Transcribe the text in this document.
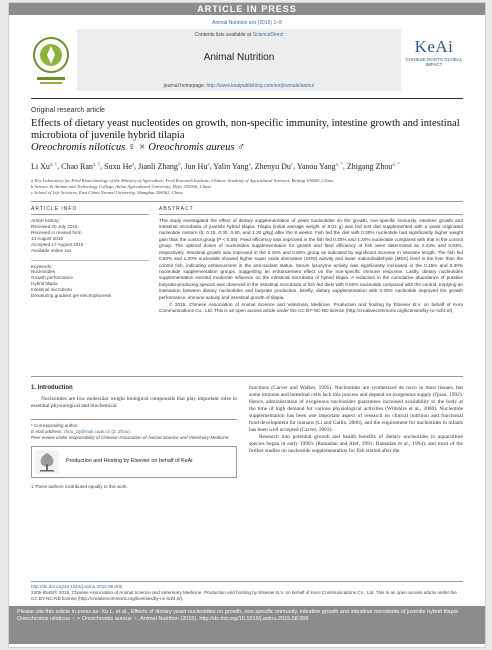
ARTICLE IN PRESS
Animal Nutrition xxx (2015) 1–8
Contents lists available at ScienceDirect
Animal Nutrition
journal homepage: http://www.keaipublishing.com/en/journals/aninu/
KeAi
CHINESE ROOTS GLOBAL IMPACT
Original research article
Effects of dietary yeast nucleotides on growth, non-specific immunity, intestine growth and intestinal microbiota of juvenile hybrid tilapia
Oreochromis niloticus ♀ × Oreochromis aureus ♂
Li Xu$^{a, 1}$, Chao Ran$^{a, 1}$, Suxu He$^a$, Jianli Zhang$^b$, Jun Hu$^a$, Yalin Yang$^a$, Zhenyu Du$^c$, Yanou Yang$^{a, *}$, Zhigang Zhou$^{a, *}$
a Key Laboratory for Feed Biotechnology of the Ministry of Agriculture, Feed Research Institute, Chinese Academy of Agricultural Sciences, Beijing 100081, China
b Science & Animal and Technology College, Anhui Agricultural University, Hefei 230036, China
c School of Life Sciences, East China Normal University, Shanghai 200062, China
ARTICLE INFO
Article history:
Received 20 July 2015
Received in revised form
14 August 2015
Accepted 17 August 2015
Available online xxx
Keywords:
Nucleotides
Growth performance
Hybrid tilapia
Intestinal microbiota
Denaturing gradient gel electrophoresis
ABSTRACT
This study investigated the effect of dietary supplementation of yeast nucleotides on the growth, non-specific immunity, intestine growth and intestinal microbiota of juvenile hybrid tilapia. Tilapia (initial average weight of 8.02 g) was fed test diet supplemented with a yeast originated nucleotide mixture (0, 0.15, 0.30, 0.60, and 1.20 g/kg) after the 8 weeks. Fish fed the diet with 0.30% nucleotide had significantly higher weight gain than the control group (P < 0.05). Feed efficiency was improved in the fish fed 0.30% and 1.20% nucleotide compared with that in the control group. The optimal doses of nucleotides supplementation for growth and feed efficiency of fish were determined as 0.43% and 0.83%, respectively. Intestinal growth was improved in the 0.15% and 0.60% group as indicated by significant increase in intestine length. The fish fed 0.60% and 1.20% nucleotide showed higher super oxide dismutase (SOD) activity and lower malondialdehyde (MDA) level in the liver than the control fish, indicating enhancement in the anti-oxidant status. Serum lysozyme activity was significantly increased in the 0.15% and 0.30% nucleotide supplementation groups, suggesting an enhancement effect on the non-specific immune response. Lastly, dietary nucleotides supplementation exerted moderate influence on the intestinal microbiota of hybrid tilapia. A reduction in the cumulative abundance of putative butyrate-producing species was observed in the intestinal microbiota of fish fed diets with 0.60% nucleotide compared with the control. Implying an interaction between dietary nucleotides and butyrate production. Briefly, dietary supplementation with 0.30% nucleotide improved the growth performance, immune activity and intestinal growth of tilapia.
© 2015, Chinese Association of Animal Science and Veterinary Medicine. Production and hosting by Elsevier B.V. on behalf of KeAi Communications Co., Ltd. This is an open access article under the CC BY-NC-ND license (http://creativecommons.org/licenses/by-nc-nd/4.0/).
1. Introduction
Nucleotides are low molecular weight biological compounds that play important roles in essential physiological and biochemical
* Corresponding author.
E-mail address: zhou_zg@mail.caas.cn (Z. Zhou).
Peer review under responsibility of Chinese Association of Animal Science and Veterinary Medicine.
Production and Hosting by Elsevier on behalf of KeAi
1 These authors contributed equally to this work.
functions (Carver and Walker, 1995). Nucleotides are synthesized de novo in most tissues, but some immune and intestinal cells lack this process and depend on exogenous supply (Quan, 1992). Hence, administration of exogenous nucleotides guarantees increased availability to the body at the time of high demand for various physiological activities (Wiltshire et al., 2000). Nucleotide supplementation has been one important aspect of research on clinical nutrition and functional food development for humans (Li and Gatlin, 2006), and the requirement for nucleotides in infants has been well accepted (Carver, 2003).
Research into potential growth and health benefits of dietary nucleotides in aquaculture species began in early 1990's (Ramadan and Atef, 1991; Ramadan et al., 1994), and most of the further studies on nucleotide supplementation for fish started after the
http://dx.doi.org/10.1016/j.aninu.2015.08.006
2405-6545/© 2015, Chinese Association of Animal Science and Veterinary Medicine. Production and hosting by Elsevier B.V. on behalf of KeAi Communications Co., Ltd. This is an open access article under the CC BY-NC-ND license (http://creativecommons.org/licenses/by-nc-nd/4.0/).
Please cite this article in press as: Xu L, et al., Effects of dietary yeast nucleotides on growth, non-specific immunity, intestine growth and intestinal microbiota of juvenile hybrid tilapia Oreochromis niloticus ♀ × Oreochromis aureus ♂, Animal Nutrition (2015), http://dx.doi.org/10.1016/j.aninu.2015.08.006
